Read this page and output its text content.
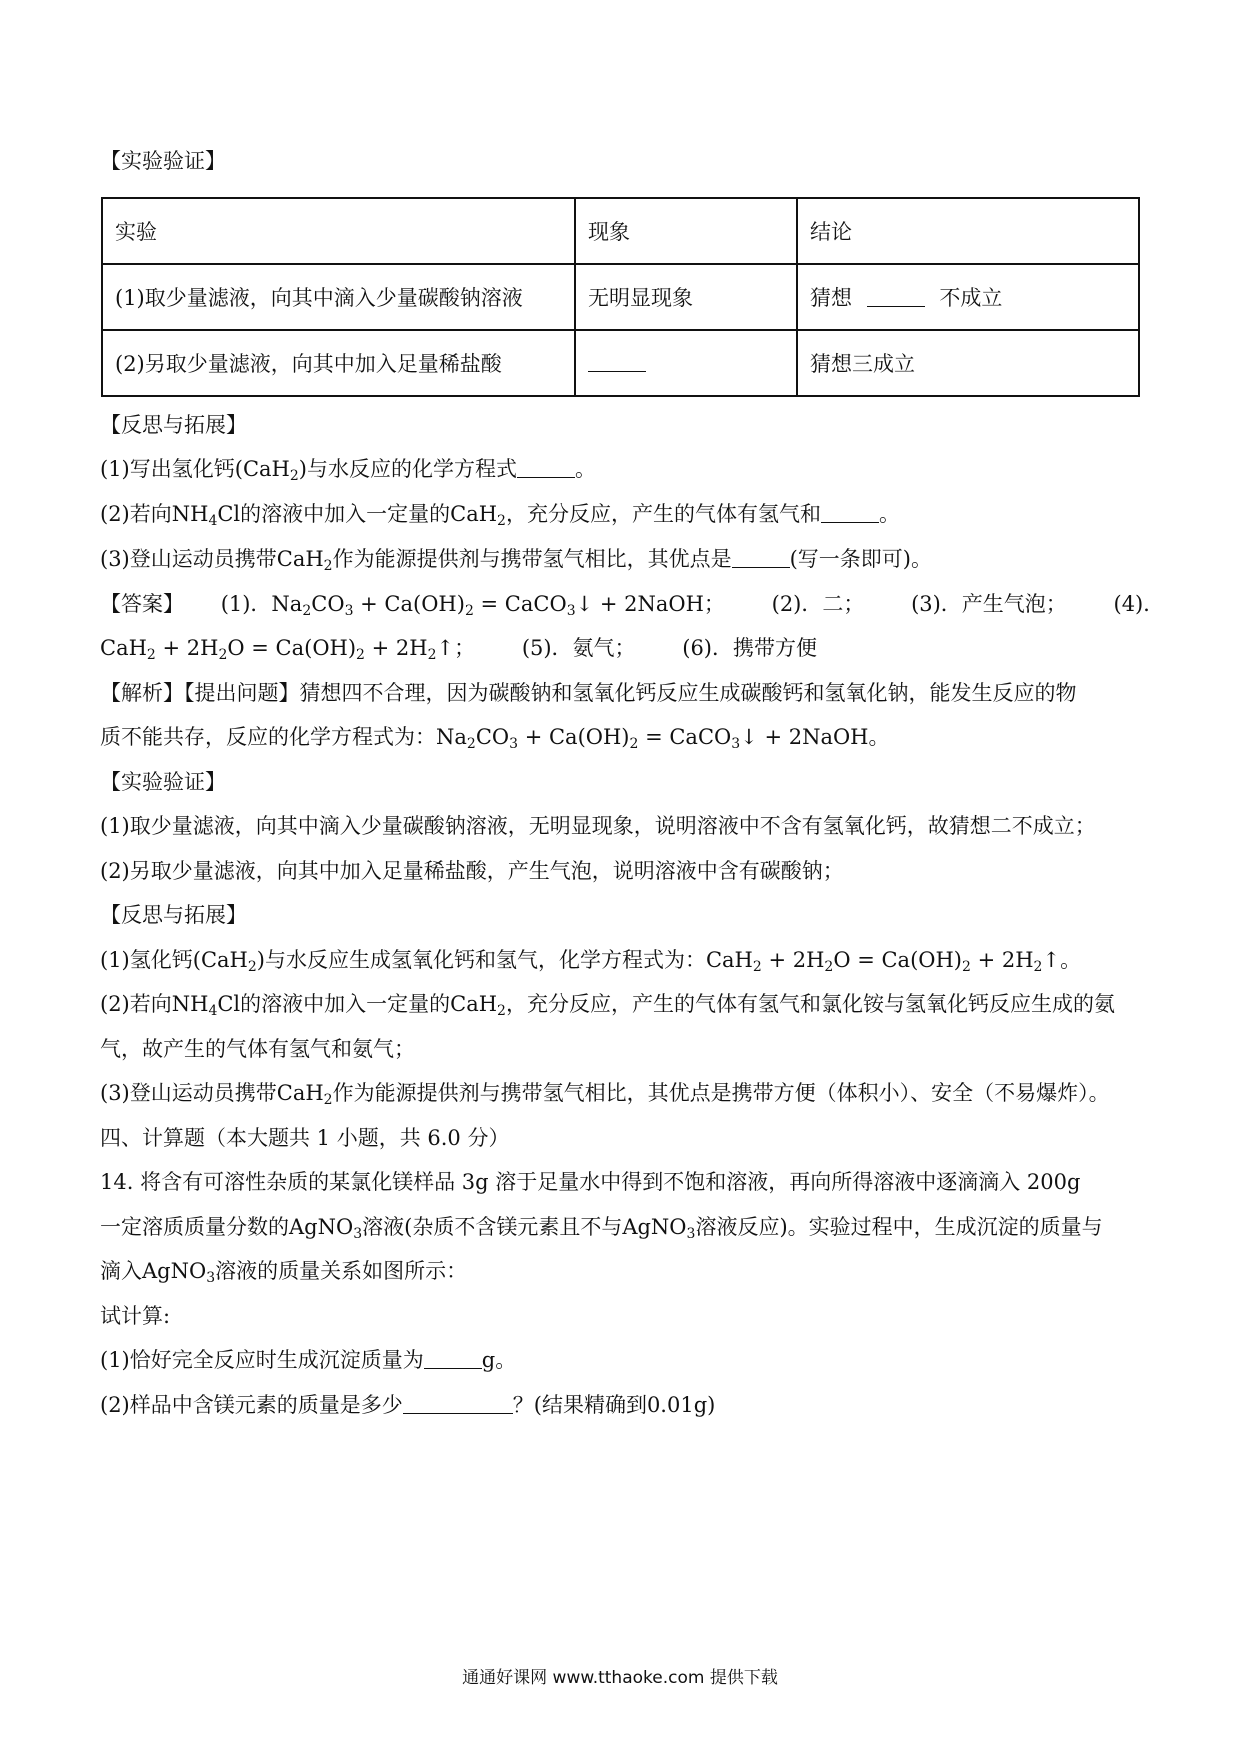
【实验验证】
实验	现象	结论
(1)取少量滤液，向其中滴入少量碳酸钠溶液	无明显现象	猜想 不成立
(2)另取少量滤液，向其中加入足量稀盐酸		猜想三成立
【反思与拓展】
(1)写出氢化钙(CaH$_2$)与水反应的化学方程式	。
(2)若向$NH_4Cl$的溶液中加入一定量的CaH$_2$，充分反应，产生的气体有氢气和	。
(3)登山运动员携带CaH$_2$作为能源提供剂与携带氢气相比，其优点是	(写一条即可)。
【答案】 (1)．$Na_2CO_3 + Ca(OH)_2$ = CaCO$_3$↓ + 2NaOH； (2)．二； (3)．产生气泡； (4)．
$CaH_2 + 2H_2O = Ca(OH)_2$ + $2H_2↑$； (5)．氨气； (6)．携带方便
【解析】【提出问题】猜想四不合理，因为碳酸钠和氢氧化钙反应生成碳酸钙和氢氧化钠，能发生反应的物
质不能共存，反应的化学方程式为：$Na_2CO_3 + Ca(OH)_2$ = CaCO$_3$↓ + 2NaOH。
【实验验证】
(1)取少量滤液，向其中滴入少量碳酸钠溶液，无明显现象，说明溶液中不含有氢氧化钙，故猜想二不成立；
(2)另取少量滤液，向其中加入足量稀盐酸，产生气泡，说明溶液中含有碳酸钠；
【反思与拓展】
(1)氢化钙(CaH$_2$)与水反应生成氢氧化钙和氢气，化学方程式为：$CaH_2 + 2H_2O = Ca(OH)_2$ + $2H_2↑$。
(2)若向$NH_4Cl$的溶液中加入一定量的CaH$_2$，充分反应，产生的气体有氢气和氯化铵与氢氧化钙反应生成的氨
气，故产生的气体有氢气和氨气；
(3)登山运动员携带CaH$_2$作为能源提供剂与携带氢气相比，其优点是携带方便（体积小）、安全（不易爆炸）。
四、计算题（本大题共 1 小题，共 6.0 分）
14. 将含有可溶性杂质的某氯化镁样品 3g 溶于足量水中得到不饱和溶液，再向所得溶液中逐滴滴入 200g
一定溶质质量分数的AgNO$_3$溶液(杂质不含镁元素且不与AgNO$_3$溶液反应)。实验过程中，生成沉淀的质量与
滴入AgNO$_3$溶液的质量关系如图所示：
试计算:
(1)恰好完全反应时生成沉淀质量为	g。
(2)样品中含镁元素的质量是多少	？(结果精确到0.01g)
通通好课网 www.tthaoke.com 提供下载
